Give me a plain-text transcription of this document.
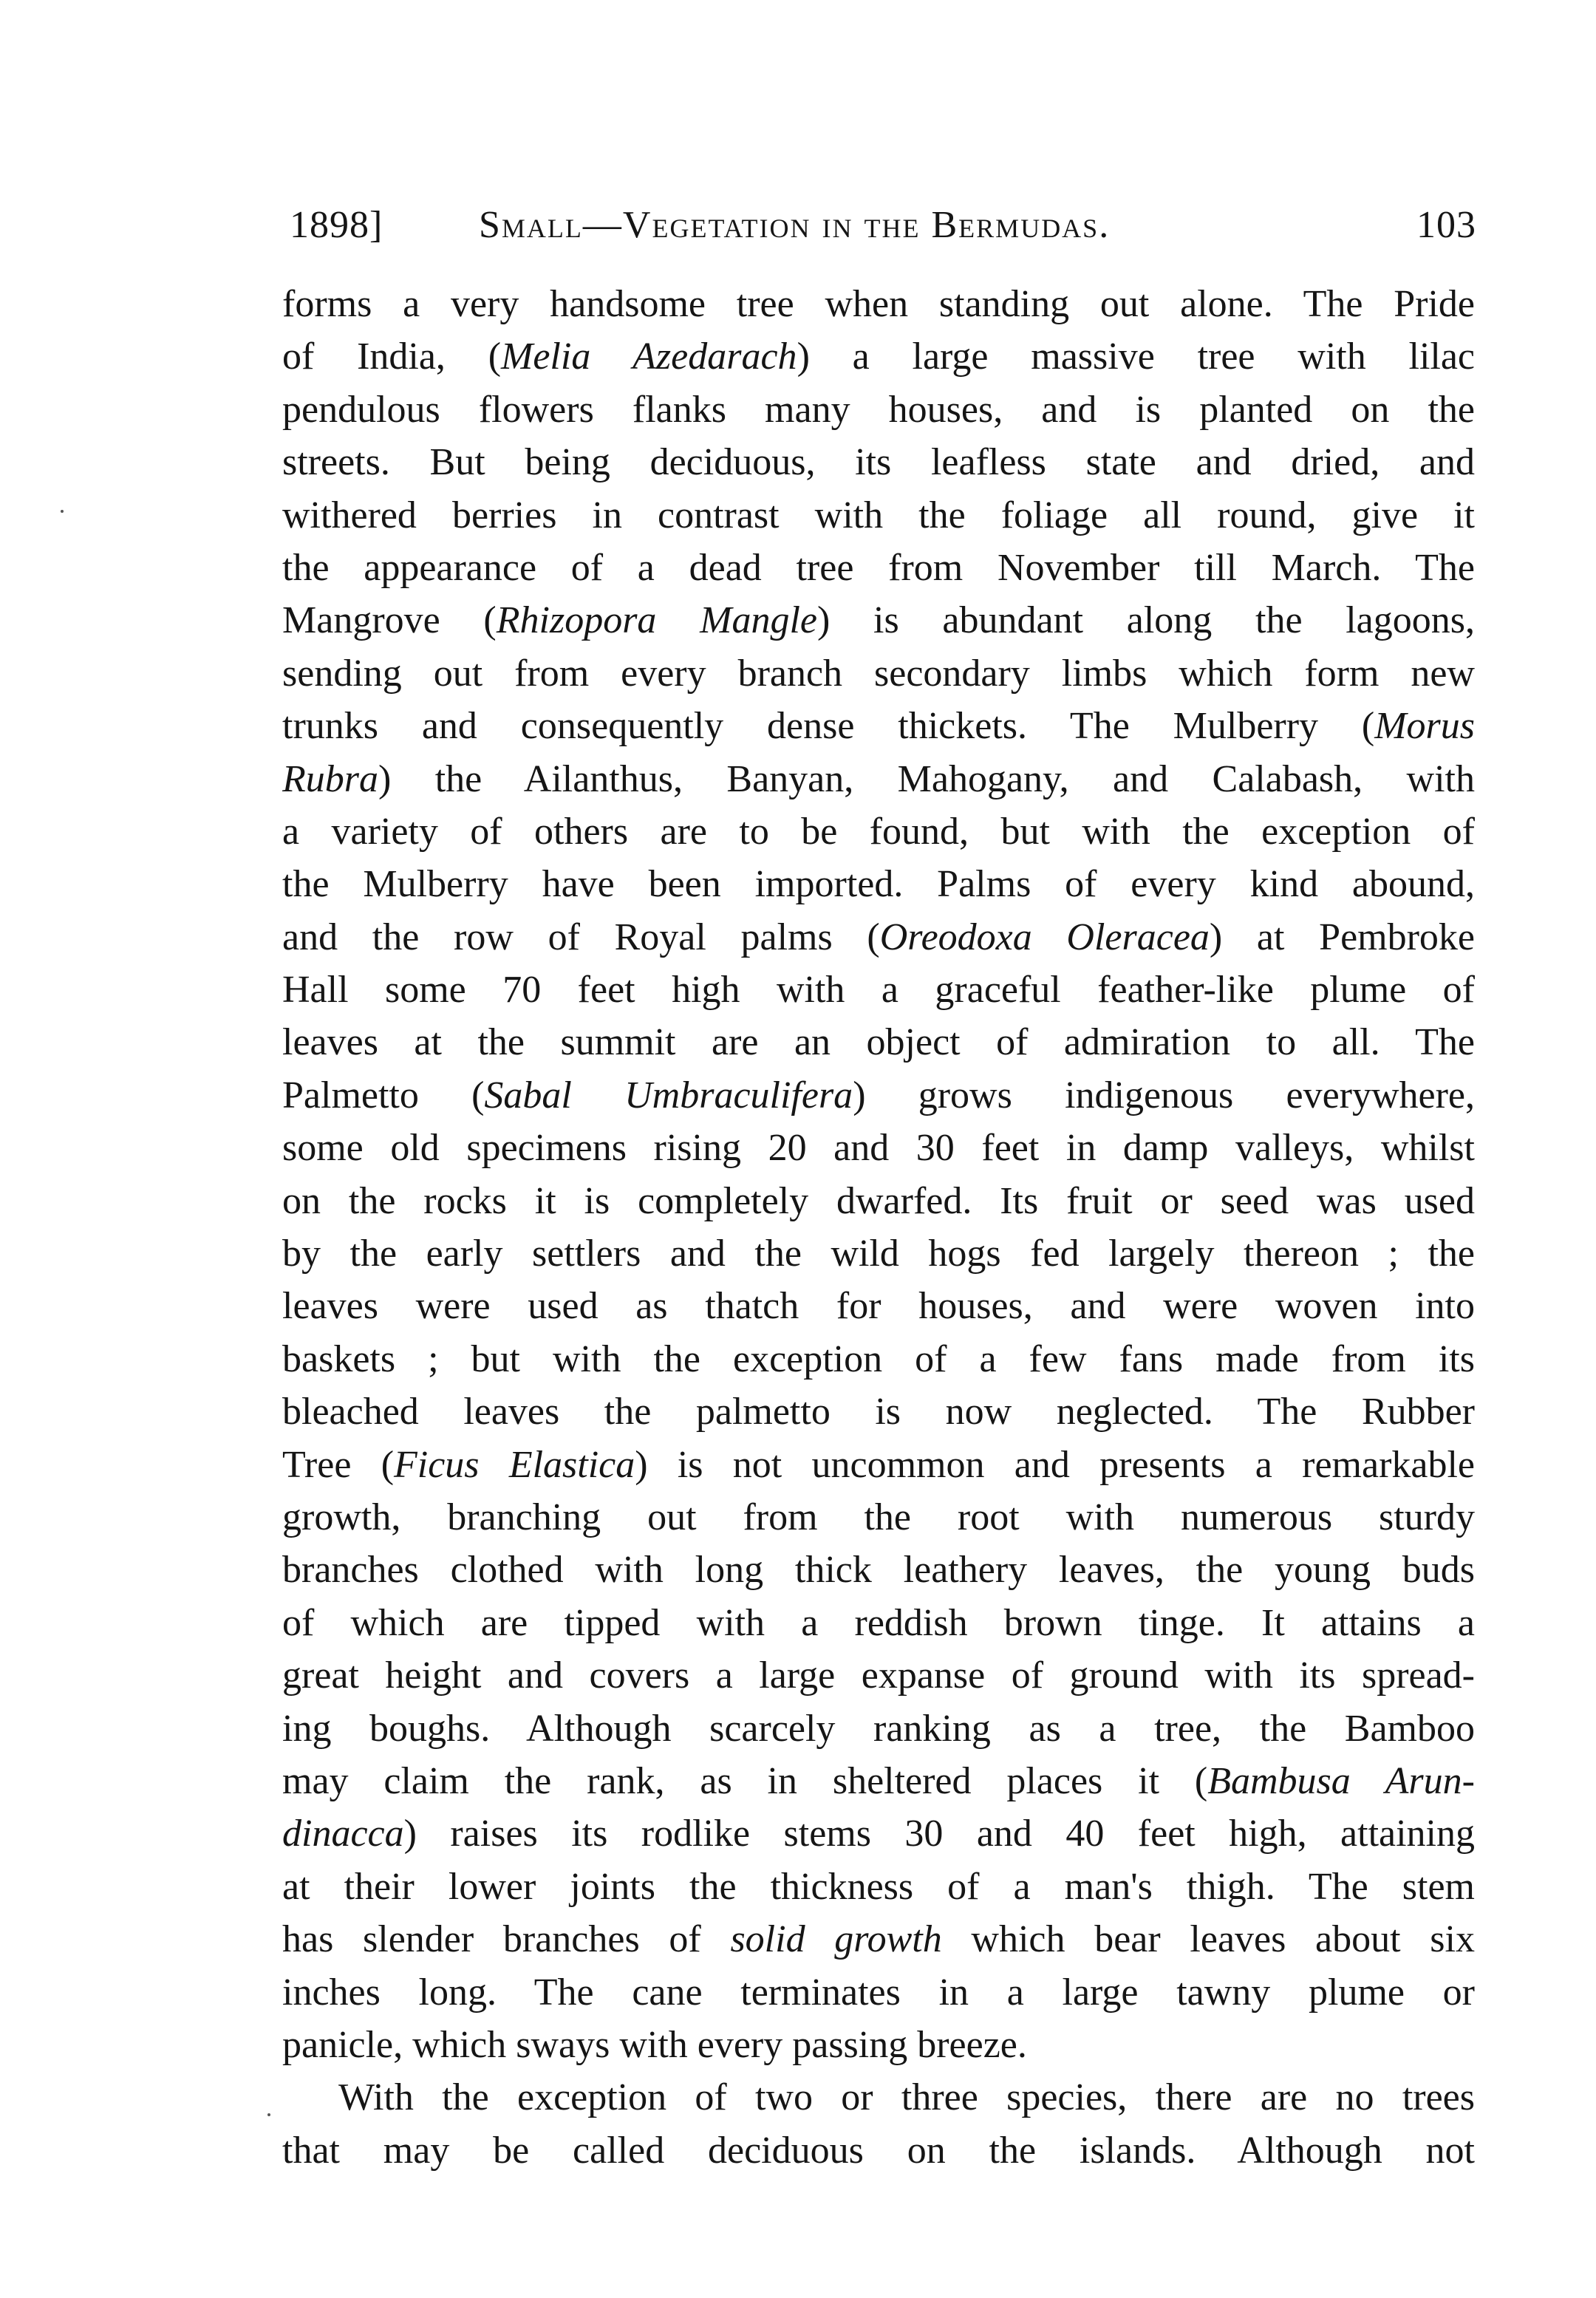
1898] Small—Vegetation in the Bermudas.	103
forms a very handsome tree when standing out alone. The Pride
of India, (Melia Azedarach) a large massive tree with lilac
pendulous flowers flanks many houses, and is planted on the
streets. But being deciduous, its leafless state and dried, and
withered berries in contrast with the foliage all round, give it
the appearance of a dead tree from November till March. The
Mangrove (Rhizopora Mangle) is abundant along the lagoons,
sending out from every branch secondary limbs which form new
trunks and consequently dense thickets. The Mulberry (Morus
Rubra) the Ailanthus, Banyan, Mahogany, and Calabash, with
a variety of others are to be found, but with the exception of
the Mulberry have been imported. Palms of every kind abound,
and the row of Royal palms (Oreodoxa Oleracea) at Pembroke
Hall some 70 feet high with a graceful feather-like plume of
leaves at the summit are an object of admiration to all. The
Palmetto (Sabal Umbraculifera) grows indigenous everywhere,
some old specimens rising 20 and 30 feet in damp valleys, whilst
on the rocks it is completely dwarfed. Its fruit or seed was used
by the early settlers and the wild hogs fed largely thereon ; the
leaves were used as thatch for houses, and were woven into
baskets ; but with the exception of a few fans made from its
bleached leaves the palmetto is now neglected. The Rubber
Tree (Ficus Elastica) is not uncommon and presents a remarkable
growth, branching out from the root with numerous sturdy
branches clothed with long thick leathery leaves, the young buds
of which are tipped with a reddish brown tinge. It attains a
great height and covers a large expanse of ground with its spread-
ing boughs. Although scarcely ranking as a tree, the Bamboo
may claim the rank, as in sheltered places it (Bambusa Arun-
dinacca) raises its rodlike stems 30 and 40 feet high, attaining
at their lower joints the thickness of a man's thigh. The stem
has slender branches of solid growth which bear leaves about six
inches long. The cane terminates in a large tawny plume or
panicle, which sways with every passing breeze.
With the exception of two or three species, there are no trees
that may be called deciduous on the islands. Although not
